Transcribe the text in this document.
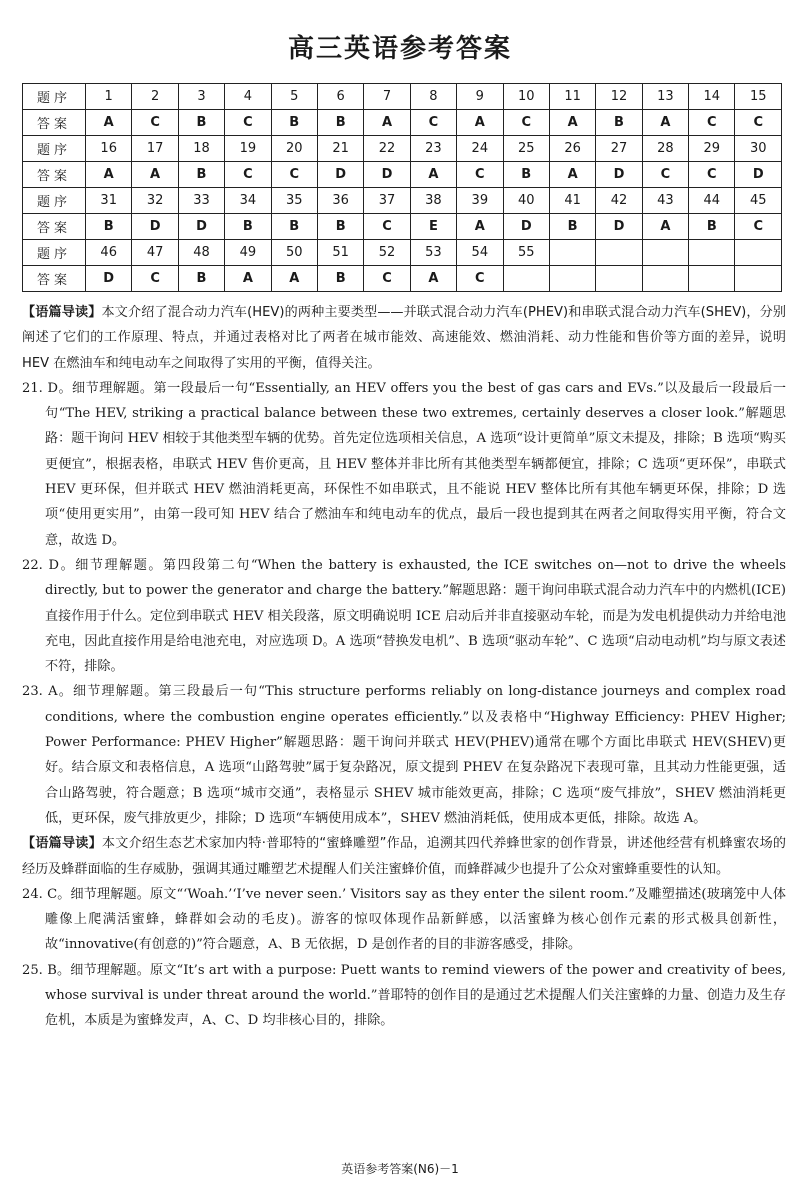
高三英语参考答案
题序	1	2	3	4	5	6	7	8	9	10	11	12	13	14	15
答案	A	C	B	C	B	B	A	C	A	C	A	B	A	C	C
题序	16	17	18	19	20	21	22	23	24	25	26	27	28	29	30
答案	A	A	B	C	C	D	D	A	C	B	A	D	C	C	D
题序	31	32	33	34	35	36	37	38	39	40	41	42	43	44	45
答案	B	D	D	B	B	B	C	E	A	D	B	D	A	B	C
题序	46	47	48	49	50	51	52	53	54	55					
答案	D	C	B	A	A	B	C	A	C						

【语篇导读】本文介绍了混合动力汽车(HEV)的两种主要类型——并联式混合动力汽车(PHEV)和串联式混合动力汽车(SHEV)，分别阐述了它们的工作原理、特点，并通过表格对比了两者在城市能效、高速能效、燃油消耗、动力性能和售价等方面的差异，说明 HEV 在燃油车和纯电动车之间取得了实用的平衡，值得关注。

21. D。细节理解题。第一段最后一句“Essentially, an HEV offers you the best of gas cars and EVs.”以及最后一段最后一句“The HEV, striking a practical balance between these two extremes, certainly deserves a closer look.”解题思路：题干询问 HEV 相较于其他类型车辆的优势。首先定位选项相关信息，A 选项“设计更简单”原文未提及，排除；B 选项“购买更便宜”，根据表格，串联式 HEV 售价更高，且 HEV 整体并非比所有其他类型车辆都便宜，排除；C 选项“更环保”，串联式 HEV 更环保，但并联式 HEV 燃油消耗更高，环保性不如串联式，且不能说 HEV 整体比所有其他车辆更环保，排除；D 选项“使用更实用”，由第一段可知 HEV 结合了燃油车和纯电动车的优点，最后一段也提到其在两者之间取得实用平衡，符合文意，故选 D。

22. D。细节理解题。第四段第二句“When the battery is exhausted, the ICE switches on—not to drive the wheels directly, but to power the generator and charge the battery.”解题思路：题干询问串联式混合动力汽车中的内燃机(ICE)直接作用于什么。定位到串联式 HEV 相关段落，原文明确说明 ICE 启动后并非直接驱动车轮，而是为发电机提供动力并给电池充电，因此直接作用是给电池充电，对应选项 D。A 选项“替换发电机”、B 选项“驱动车轮”、C 选项“启动电动机”均与原文表述不符，排除。

23. A。细节理解题。第三段最后一句“This structure performs reliably on long-distance journeys and complex road conditions, where the combustion engine operates efficiently.”以及表格中“Highway Efficiency: PHEV Higher; Power Performance: PHEV Higher”解题思路：题干询问并联式 HEV(PHEV)通常在哪个方面比串联式 HEV(SHEV)更好。结合原文和表格信息，A 选项“山路驾驶”属于复杂路况，原文提到 PHEV 在复杂路况下表现可靠，且其动力性能更强，适合山路驾驶，符合题意；B 选项“城市交通”，表格显示 SHEV 城市能效更高，排除；C 选项“废气排放”，SHEV 燃油消耗更低，更环保，废气排放更少，排除；D 选项“车辆使用成本”，SHEV 燃油消耗低，使用成本更低，排除。故选 A。

【语篇导读】本文介绍生态艺术家加内特·普耶特的“蜜蜂雕塑”作品，追溯其四代养蜂世家的创作背景，讲述他经营有机蜂蜜农场的经历及蜂群面临的生存威胁，强调其通过雕塑艺术提醒人们关注蜜蜂价值，而蜂群减少也提升了公众对蜜蜂重要性的认知。

24. C。细节理解题。原文“‘Woah.’‘I’ve never seen.’ Visitors say as they enter the silent room.”及雕塑描述(玻璃笼中人体雕像上爬满活蜜蜂，蜂群如会动的毛皮)。游客的惊叹体现作品新鲜感，以活蜜蜂为核心创作元素的形式极具创新性，故“innovative(有创意的)”符合题意，A、B 无依据，D 是创作者的目的非游客感受，排除。

25. B。细节理解题。原文“It’s art with a purpose: Puett wants to remind viewers of the power and creativity of bees, whose survival is under threat around the world.”普耶特的创作目的是通过艺术提醒人们关注蜜蜂的力量、创造力及生存危机，本质是为蜜蜂发声，A、C、D 均非核心目的，排除。

英语参考答案(N6)－1
